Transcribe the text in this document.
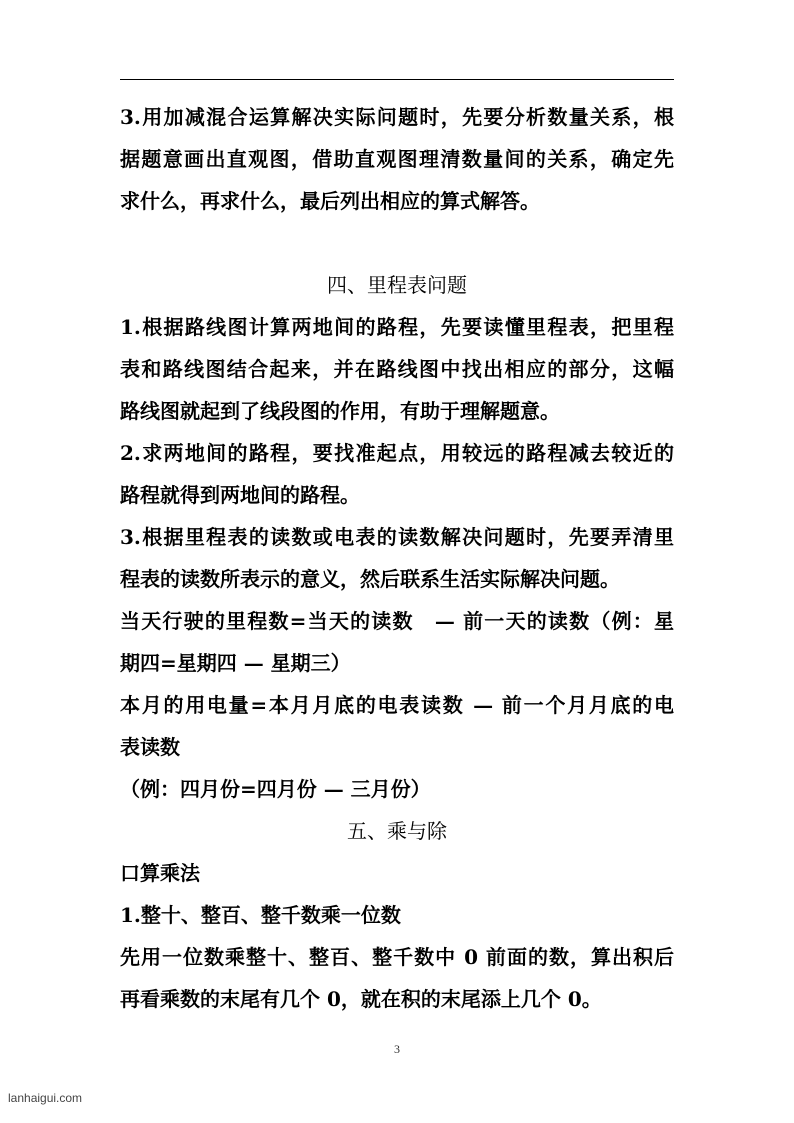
3.用加减混合运算解决实际问题时，先要分析数量关系，根
据题意画出直观图，借助直观图理清数量间的关系，确定先
求什么，再求什么，最后列出相应的算式解答。
四、里程表问题
1.根据路线图计算两地间的路程，先要读懂里程表，把里程
表和路线图结合起来，并在路线图中找出相应的部分，这幅
路线图就起到了线段图的作用，有助于理解题意。
2.求两地间的路程，要找准起点，用较远的路程减去较近的
路程就得到两地间的路程。
3.根据里程表的读数或电表的读数解决问题时，先要弄清里
程表的读数所表示的意义，然后联系生活实际解决问题。
当天行驶的里程数=当天的读数　— 前一天的读数（例：星
期四=星期四 — 星期三）
本月的用电量=本月月底的电表读数 — 前一个月月底的电
表读数
（例：四月份=四月份 — 三月份）
五、乘与除
口算乘法
1.整十、整百、整千数乘一位数
先用一位数乘整十、整百、整千数中 0 前面的数，算出积后
再看乘数的末尾有几个 0，就在积的末尾添上几个 0。
3
lanhaigui.com
